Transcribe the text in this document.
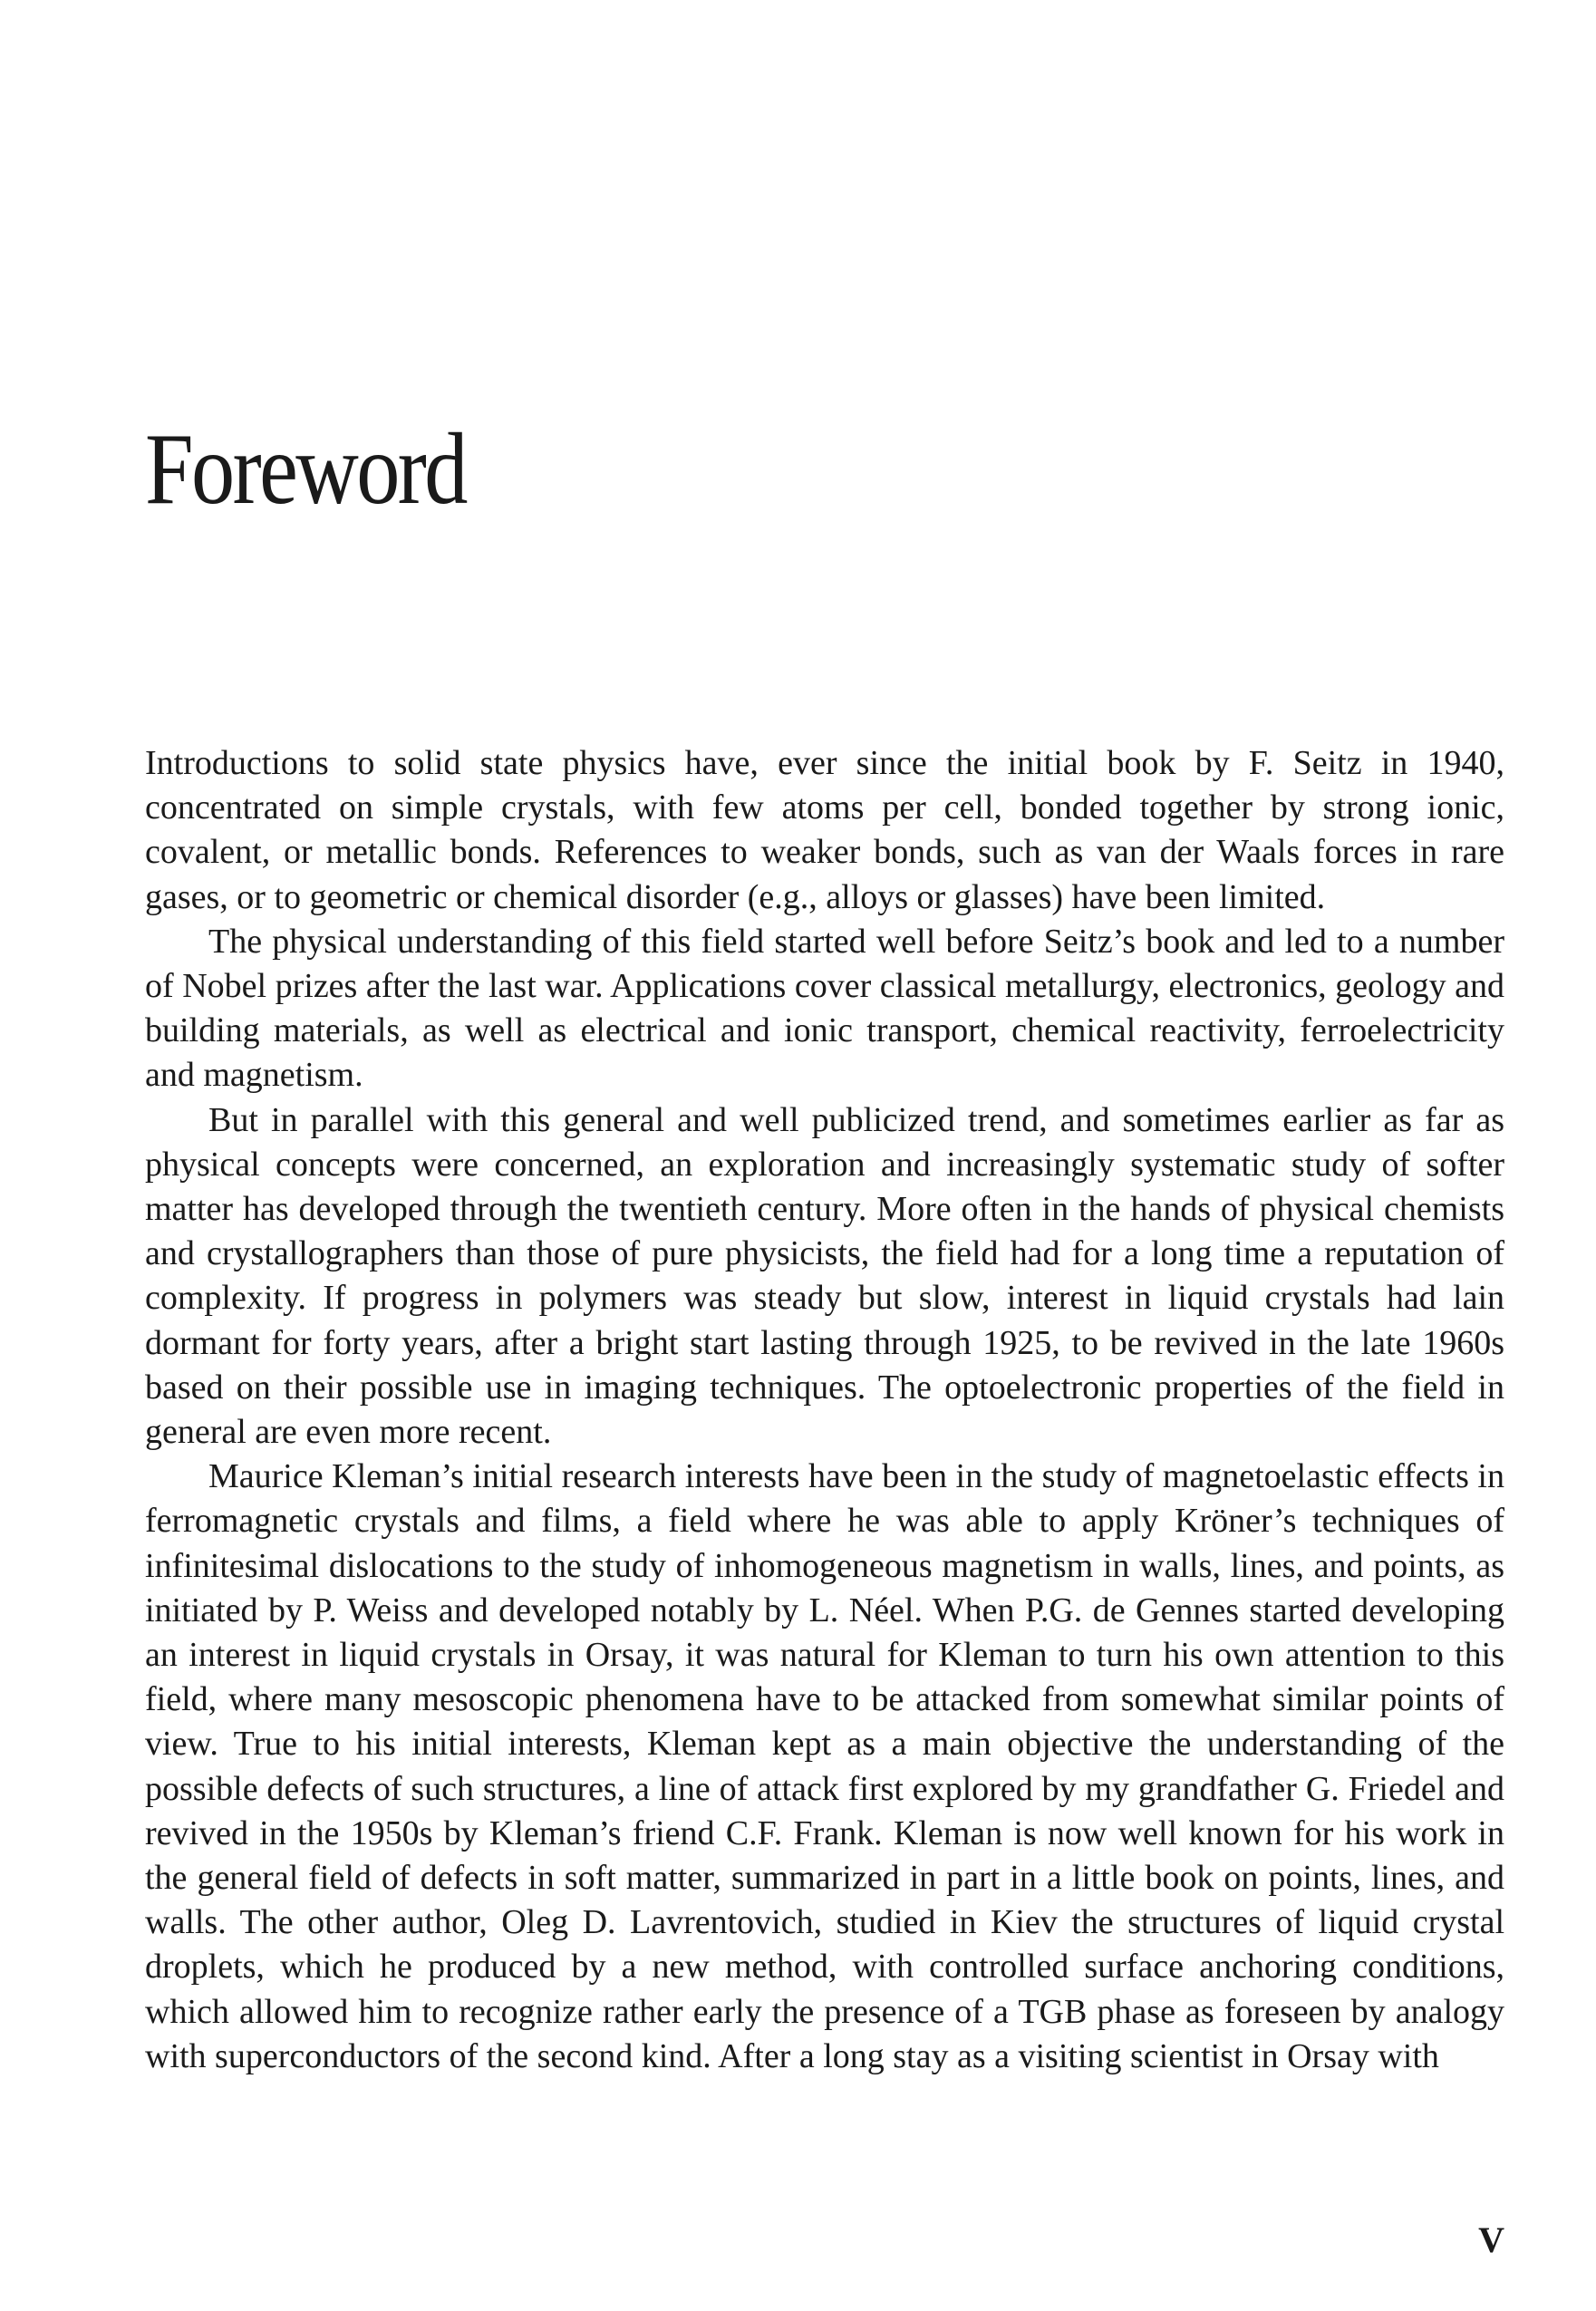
Foreword

Introductions to solid state physics have, ever since the initial book by F. Seitz in 1940, concentrated on simple crystals, with few atoms per cell, bonded together by strong ionic, covalent, or metallic bonds. References to weaker bonds, such as van der Waals forces in rare gases, or to geometric or chemical disorder (e.g., alloys or glasses) have been limited.

The physical understanding of this field started well before Seitz’s book and led to a number of Nobel prizes after the last war. Applications cover classical metallurgy, electronics, geology and building materials, as well as electrical and ionic transport, chemical reactivity, ferroelectricity and magnetism.

But in parallel with this general and well publicized trend, and sometimes earlier as far as physical concepts were concerned, an exploration and increasingly systematic study of softer matter has developed through the twentieth century. More often in the hands of physical chemists and crystallographers than those of pure physicists, the field had for a long time a reputation of complexity. If progress in polymers was steady but slow, interest in liquid crystals had lain dormant for forty years, after a bright start lasting through 1925, to be revived in the late 1960s based on their possible use in imaging techniques. The optoelectronic properties of the field in general are even more recent.

Maurice Kleman’s initial research interests have been in the study of magnetoelastic effects in ferromagnetic crystals and films, a field where he was able to apply Kröner’s techniques of infinitesimal dislocations to the study of inhomogeneous magnetism in walls, lines, and points, as initiated by P. Weiss and developed notably by L. Néel. When P.G. de Gennes started developing an interest in liquid crystals in Orsay, it was natural for Kleman to turn his own attention to this field, where many mesoscopic phenomena have to be attacked from somewhat similar points of view. True to his initial interests, Kleman kept as a main objective the understanding of the possible defects of such structures, a line of attack first explored by my grandfather G. Friedel and revived in the 1950s by Kleman’s friend C.F. Frank. Kleman is now well known for his work in the general field of defects in soft matter, summarized in part in a little book on points, lines, and walls. The other author, Oleg D. Lavrentovich, studied in Kiev the structures of liquid crystal droplets, which he produced by a new method, with controlled surface anchoring conditions, which allowed him to recognize rather early the presence of a TGB phase as foreseen by analogy with superconductors of the second kind. After a long stay as a visiting scientist in Orsay with

V
